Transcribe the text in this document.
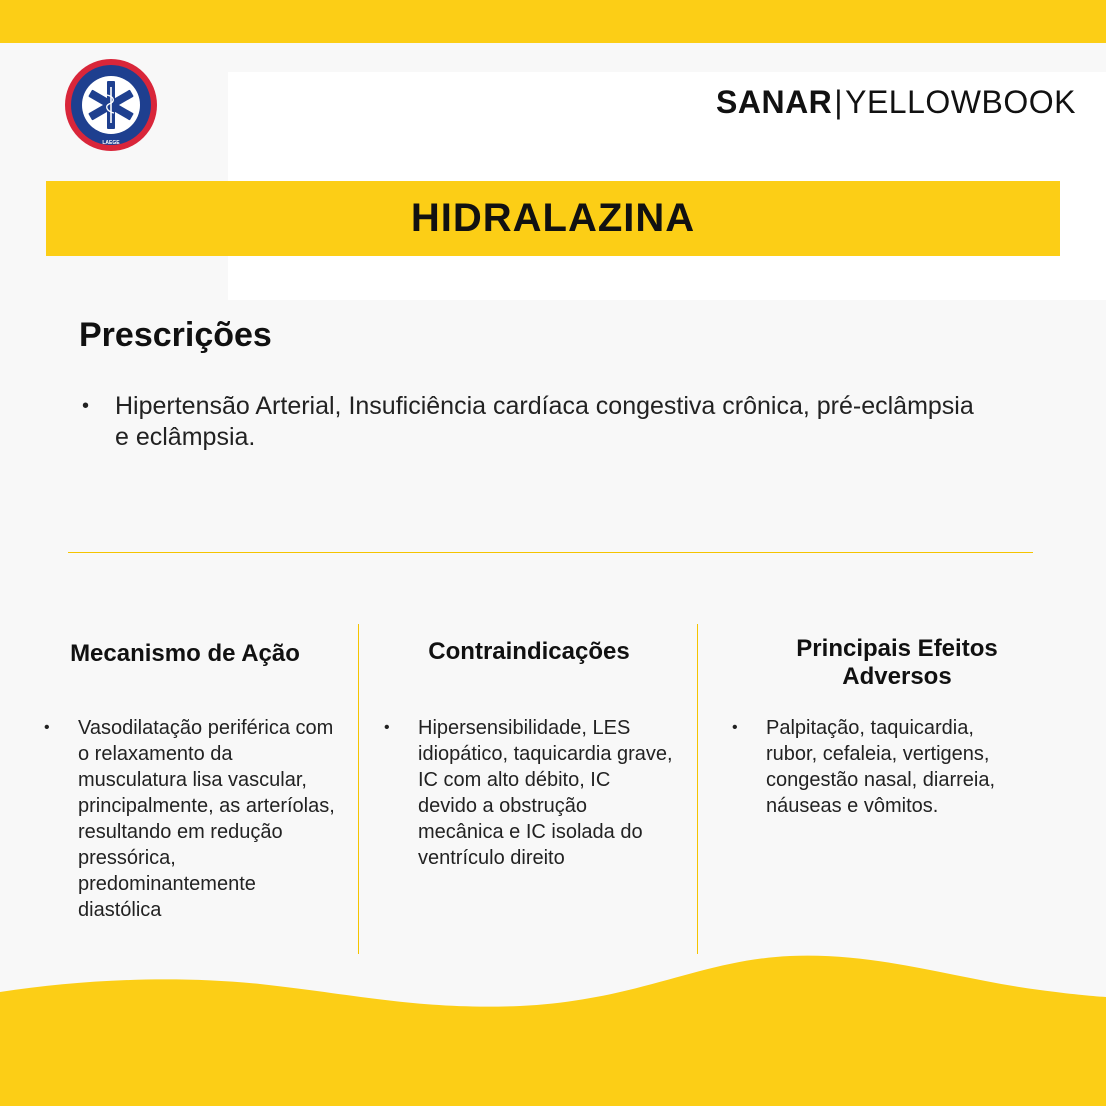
LAEGE
SANAR|YELLOWBOOK
HIDRALAZINA
Prescrições
• Hipertensão Arterial, Insuficiência cardíaca congestiva crônica, pré-eclâmpsia e eclâmpsia.
Mecanismo de Ação
• Vasodilatação periférica com o relaxamento da musculatura lisa vascular, principalmente, as arteríolas, resultando em redução pressórica, predominantemente diastólica
Contraindicações
• Hipersensibilidade, LES idiopático, taquicardia grave, IC com alto débito, IC devido a obstrução mecânica e IC isolada do ventrículo direito
Principais Efeitos Adversos
• Palpitação, taquicardia, rubor, cefaleia, vertigens, congestão nasal, diarreia, náuseas e vômitos.
